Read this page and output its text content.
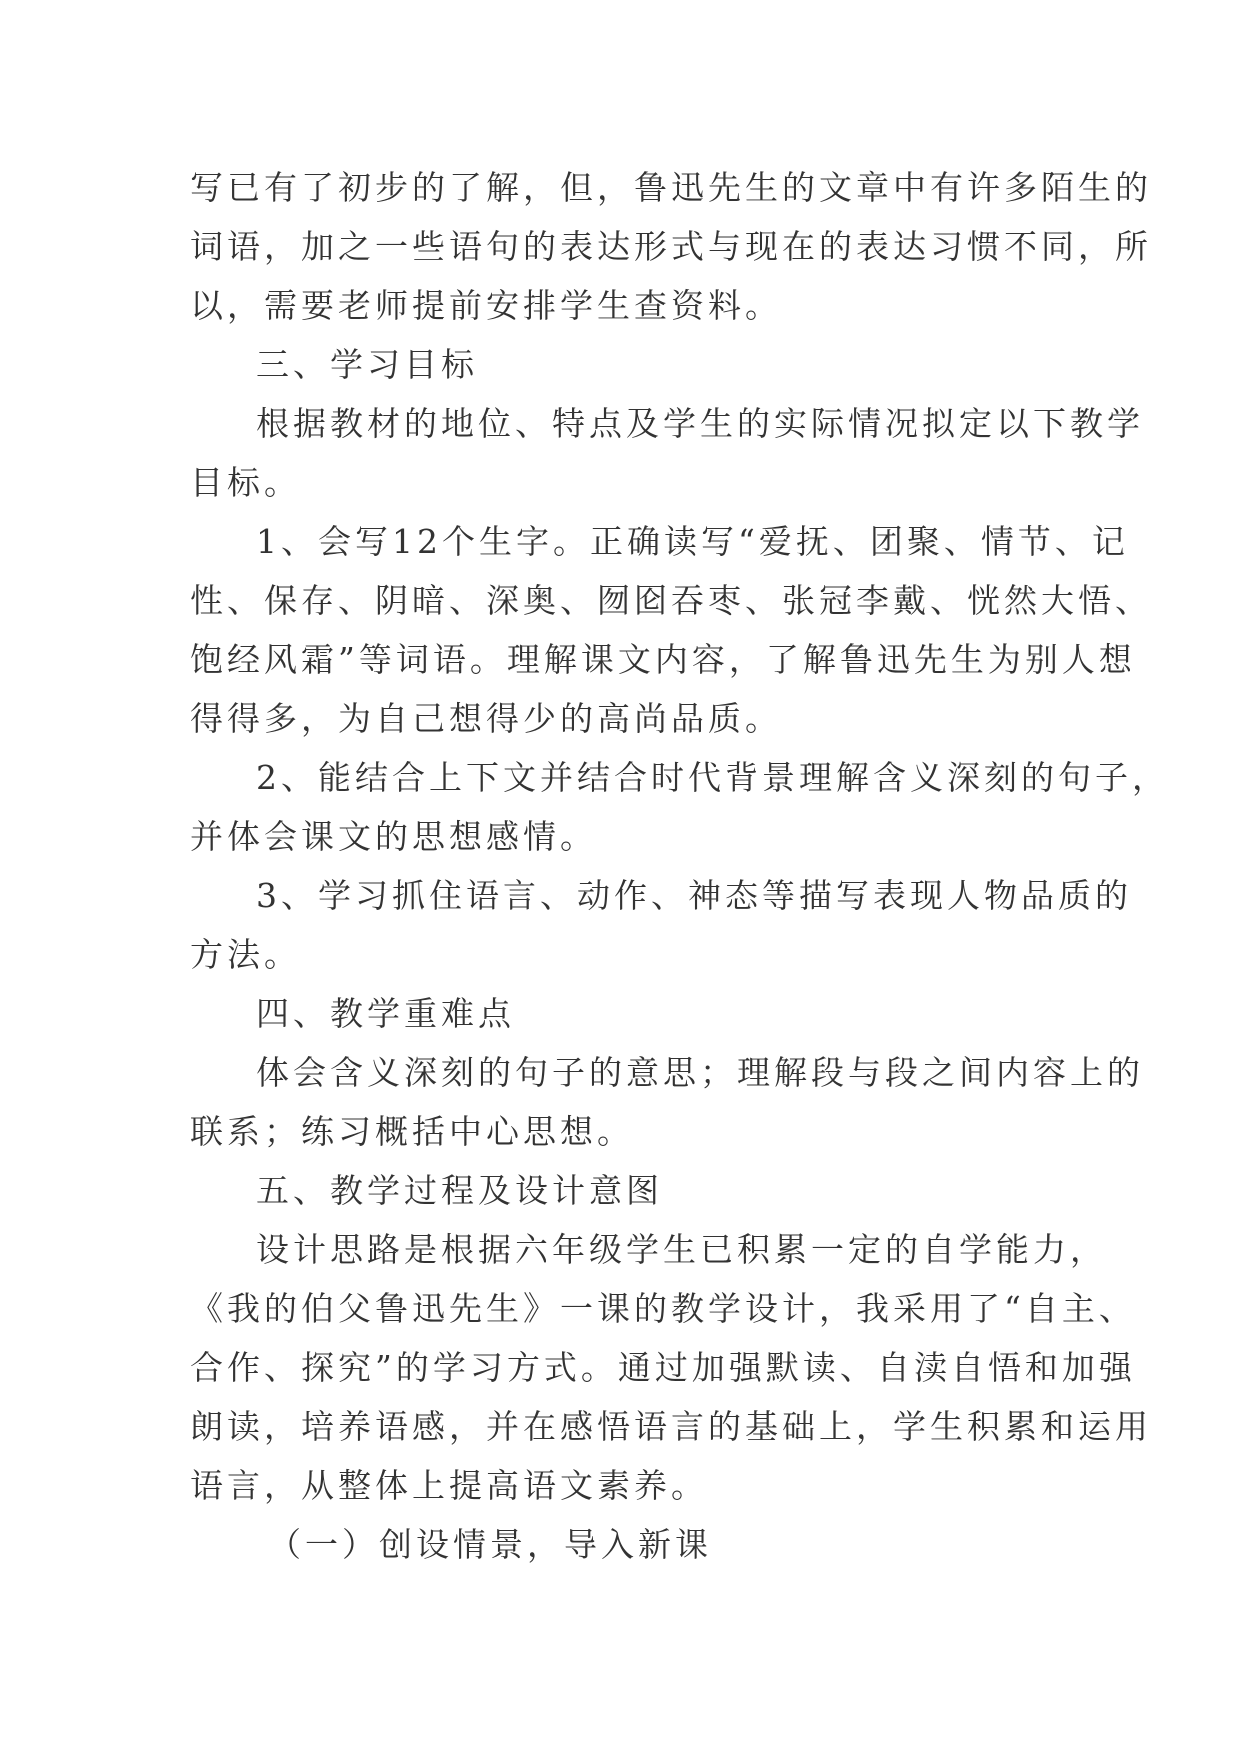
写已有了初步的了解，但，鲁迅先生的文章中有许多陌生的
词语，加之一些语句的表达形式与现在的表达习惯不同，所
以，需要老师提前安排学生查资料。
三、学习目标
根据教材的地位、特点及学生的实际情况拟定以下教学
目标。
1、会写12个生字。正确读写“爱抚、团聚、情节、记
性、保存、阴暗、深奥、囫囵吞枣、张冠李戴、恍然大悟、
饱经风霜”等词语。理解课文内容，了解鲁迅先生为别人想
得得多，为自己想得少的高尚品质。
2、能结合上下文并结合时代背景理解含义深刻的句子，
并体会课文的思想感情。
3、学习抓住语言、动作、神态等描写表现人物品质的
方法。
四、教学重难点
体会含义深刻的句子的意思；理解段与段之间内容上的
联系；练习概括中心思想。
五、教学过程及设计意图
设计思路是根据六年级学生已积累一定的自学能力，
《我的伯父鲁迅先生》一课的教学设计，我采用了“自主、
合作、探究”的学习方式。通过加强默读、自渎自悟和加强
朗读，培养语感，并在感悟语言的基础上，学生积累和运用
语言，从整体上提高语文素养。
（一）创设情景，导入新课
